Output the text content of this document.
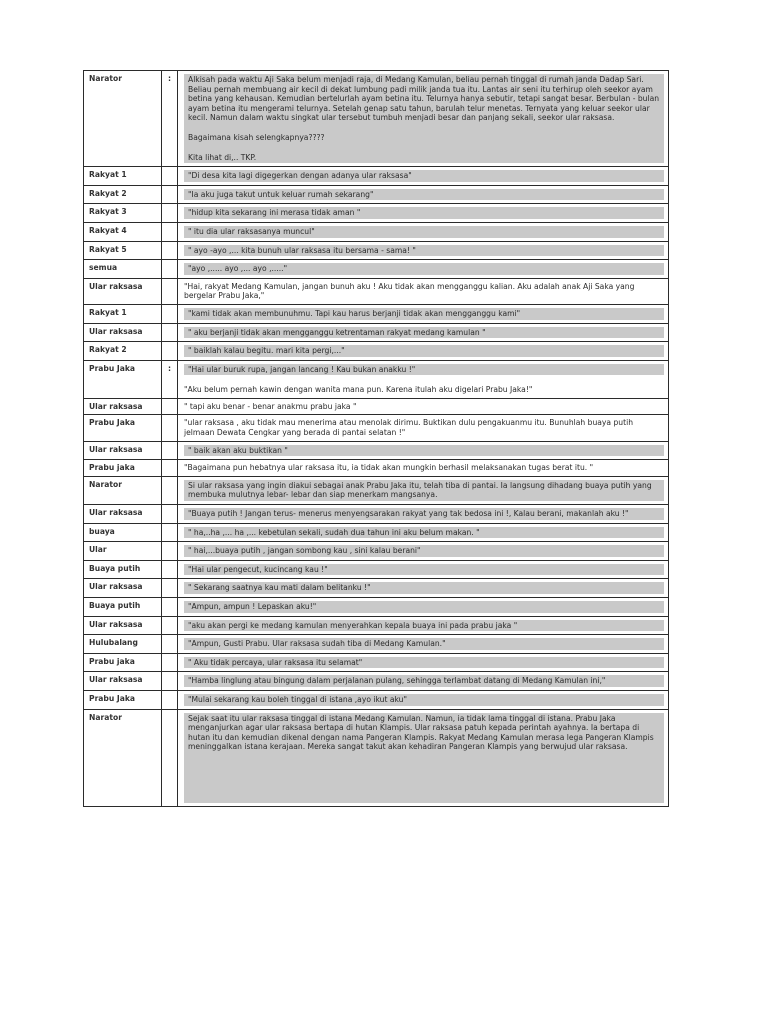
Narator	:	Alkisah pada waktu Aji Saka belum menjadi raja, di Medang Kamulan, beliau pernah tinggal di rumah janda Dadap Sari. Beliau pernah membuang air kecil di dekat lumbung padi milik janda tua itu. Lantas air seni itu terhirup oleh seekor ayam betina yang kehausan. Kemudian bertelurlah ayam betina itu. Telurnya hanya sebutir, tetapi sangat besar. Berbulan - bulan ayam betina itu mengerami telurnya. Setelah genap satu tahun, barulah telur menetas. Ternyata yang keluar seekor ular kecil. Namun dalam waktu singkat ular tersebut tumbuh menjadi besar dan panjang sekali, seekor ular raksasa.
Bagaimana kisah selengkapnya????
Kita lihat di,.. TKP.

Rakyat 1		"Di desa kita lagi digegerkan dengan adanya ular raksasa"

Rakyat 2		"Ia aku juga takut untuk keluar rumah sekarang"

Rakyat 3		"hidup kita sekarang ini merasa tidak aman "

Rakyat 4		" itu dia ular raksasanya muncul"

Rakyat 5		" ayo -ayo ,... kita bunuh ular raksasa itu bersama - sama! "

semua		"ayo ,..... ayo ,... ayo ,....."

Ular raksasa		"Hai, rakyat Medang Kamulan, jangan bunuh aku ! Aku tidak akan mengganggu kalian. Aku adalah anak Aji Saka yang bergelar Prabu Jaka,"

Rakyat 1		"kami tidak akan membunuhmu. Tapi kau harus berjanji tidak akan mengganggu kami"

Ular raksasa		" aku berjanji tidak akan mengganggu ketrentaman rakyat medang kamulan "

Rakyat 2		" baiklah kalau begitu. mari kita pergi,..."

Prabu Jaka	:	"Hai ular buruk rupa, jangan lancang ! Kau bukan anakku !"
"Aku belum pernah kawin dengan wanita mana pun. Karena itulah aku digelari Prabu Jaka!"

Ular raksasa		" tapi aku benar - benar anakmu prabu jaka "

Prabu Jaka		"ular raksasa , aku tidak mau menerima atau menolak dirimu. Buktikan dulu pengakuanmu itu. Bunuhlah buaya putih jelmaan Dewata Cengkar yang berada di pantai selatan !"

Ular raksasa		" baik akan aku buktikan "

Prabu jaka		"Bagaimana pun hebatnya ular raksasa itu, ia tidak akan mungkin berhasil melaksanakan tugas berat itu. "

Narator		Si ular raksasa yang ingin diakui sebagai anak Prabu Jaka itu, telah tiba di pantai. Ia langsung dihadang buaya putih yang membuka mulutnya lebar- lebar dan siap menerkam mangsanya.

Ular raksasa		"Buaya putih ! Jangan terus- menerus menyengsarakan rakyat yang tak bedosa ini !, Kalau berani, makanlah aku !"

buaya		" ha,..ha ,... ha ,... kebetulan sekali, sudah dua tahun ini aku belum makan. "

Ular		" hai,...buaya putih , jangan sombong kau , sini kalau berani"

Buaya putih		"Hai ular pengecut, kucincang kau !"

Ular raksasa		" Sekarang saatnya kau mati dalam belitanku !"

Buaya putih		"Ampun, ampun ! Lepaskan aku!"

Ular raksasa		"aku akan pergi ke medang kamulan menyerahkan kepala buaya ini pada prabu jaka "

Hulubalang		"Ampun, Gusti Prabu. Ular raksasa sudah tiba di Medang Kamulan."

Prabu jaka		" Aku tidak percaya, ular raksasa itu selamat"

Ular raksasa		"Hamba linglung atau bingung dalam perjalanan pulang, sehingga terlambat datang di Medang Kamulan ini,"

Prabu Jaka		"Mulai sekarang kau boleh tinggal di istana ,ayo ikut aku"

Narator		Sejak saat itu ular raksasa tinggal di istana Medang Kamulan. Namun, ia tidak lama tinggal di istana. Prabu Jaka menganjurkan agar ular raksasa bertapa di hutan Klampis. Ular raksasa patuh kepada perintah ayahnya. Ia bertapa di hutan itu dan kemudian dikenal dengan nama Pangeran Klampis. Rakyat Medang Kamulan merasa lega Pangeran Klampis meninggalkan istana kerajaan. Mereka sangat takut akan kehadiran Pangeran Klampis yang berwujud ular raksasa.
